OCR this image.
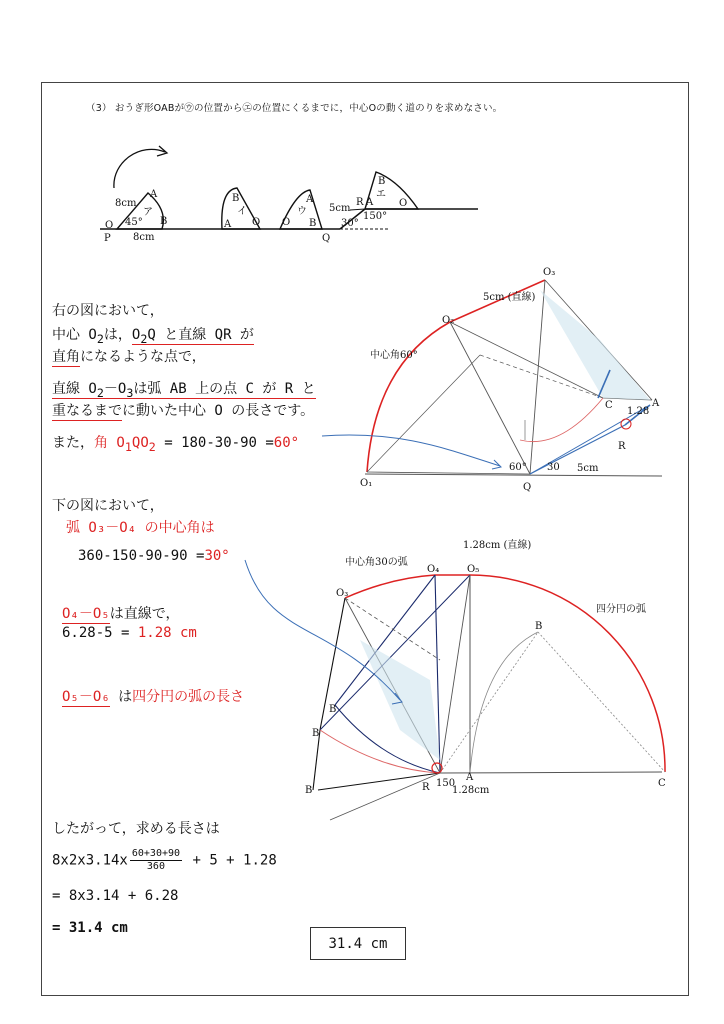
（3） おうぎ形OABが㋒の位置から㋓の位置にくるまでに，中心Oの動く道のりを求めなさい。
8cm
O
P
45°
8cm
A
B
ア
B
A O
イ
O
A
B
ウ 5cm
30°
Q
R A
150°
B
エ
O
右の図において，
中心 $O_2$は，$O_2Q$ と直線 QR が
直角になるような点で，
直線 $O_2-O_3$は弧 AB 上の点 C が R と
重なるまでに動いた中心 O の長さです。
また，角 $O_1QO_2 = 180-30-90 =60^\circ$
下の図において，
弧 O₃－O₄ の中心角は
360-150-90-90 =30°
O₄－O₅は直線で，
6.28-5 = 1.28 cm
O₅－O₆ は四分円の弧の長さ
したがって，求める長さは
$8x2x3.14x \frac{60+30+90}{360} + 5 + 1.28$
= 8x3.14 + 6.28
= 31.4 cm
31.4 cm
O₁
O₂
O₃
Q
R
A
C
5cm (直線)
中心角60°
5cm
60° 30
1.28
O₃
O₄	O₅
B
B
B
B
C
A
R
中心角30の弧
1.28cm (直線)
四分円の弧
1.28cm
150
